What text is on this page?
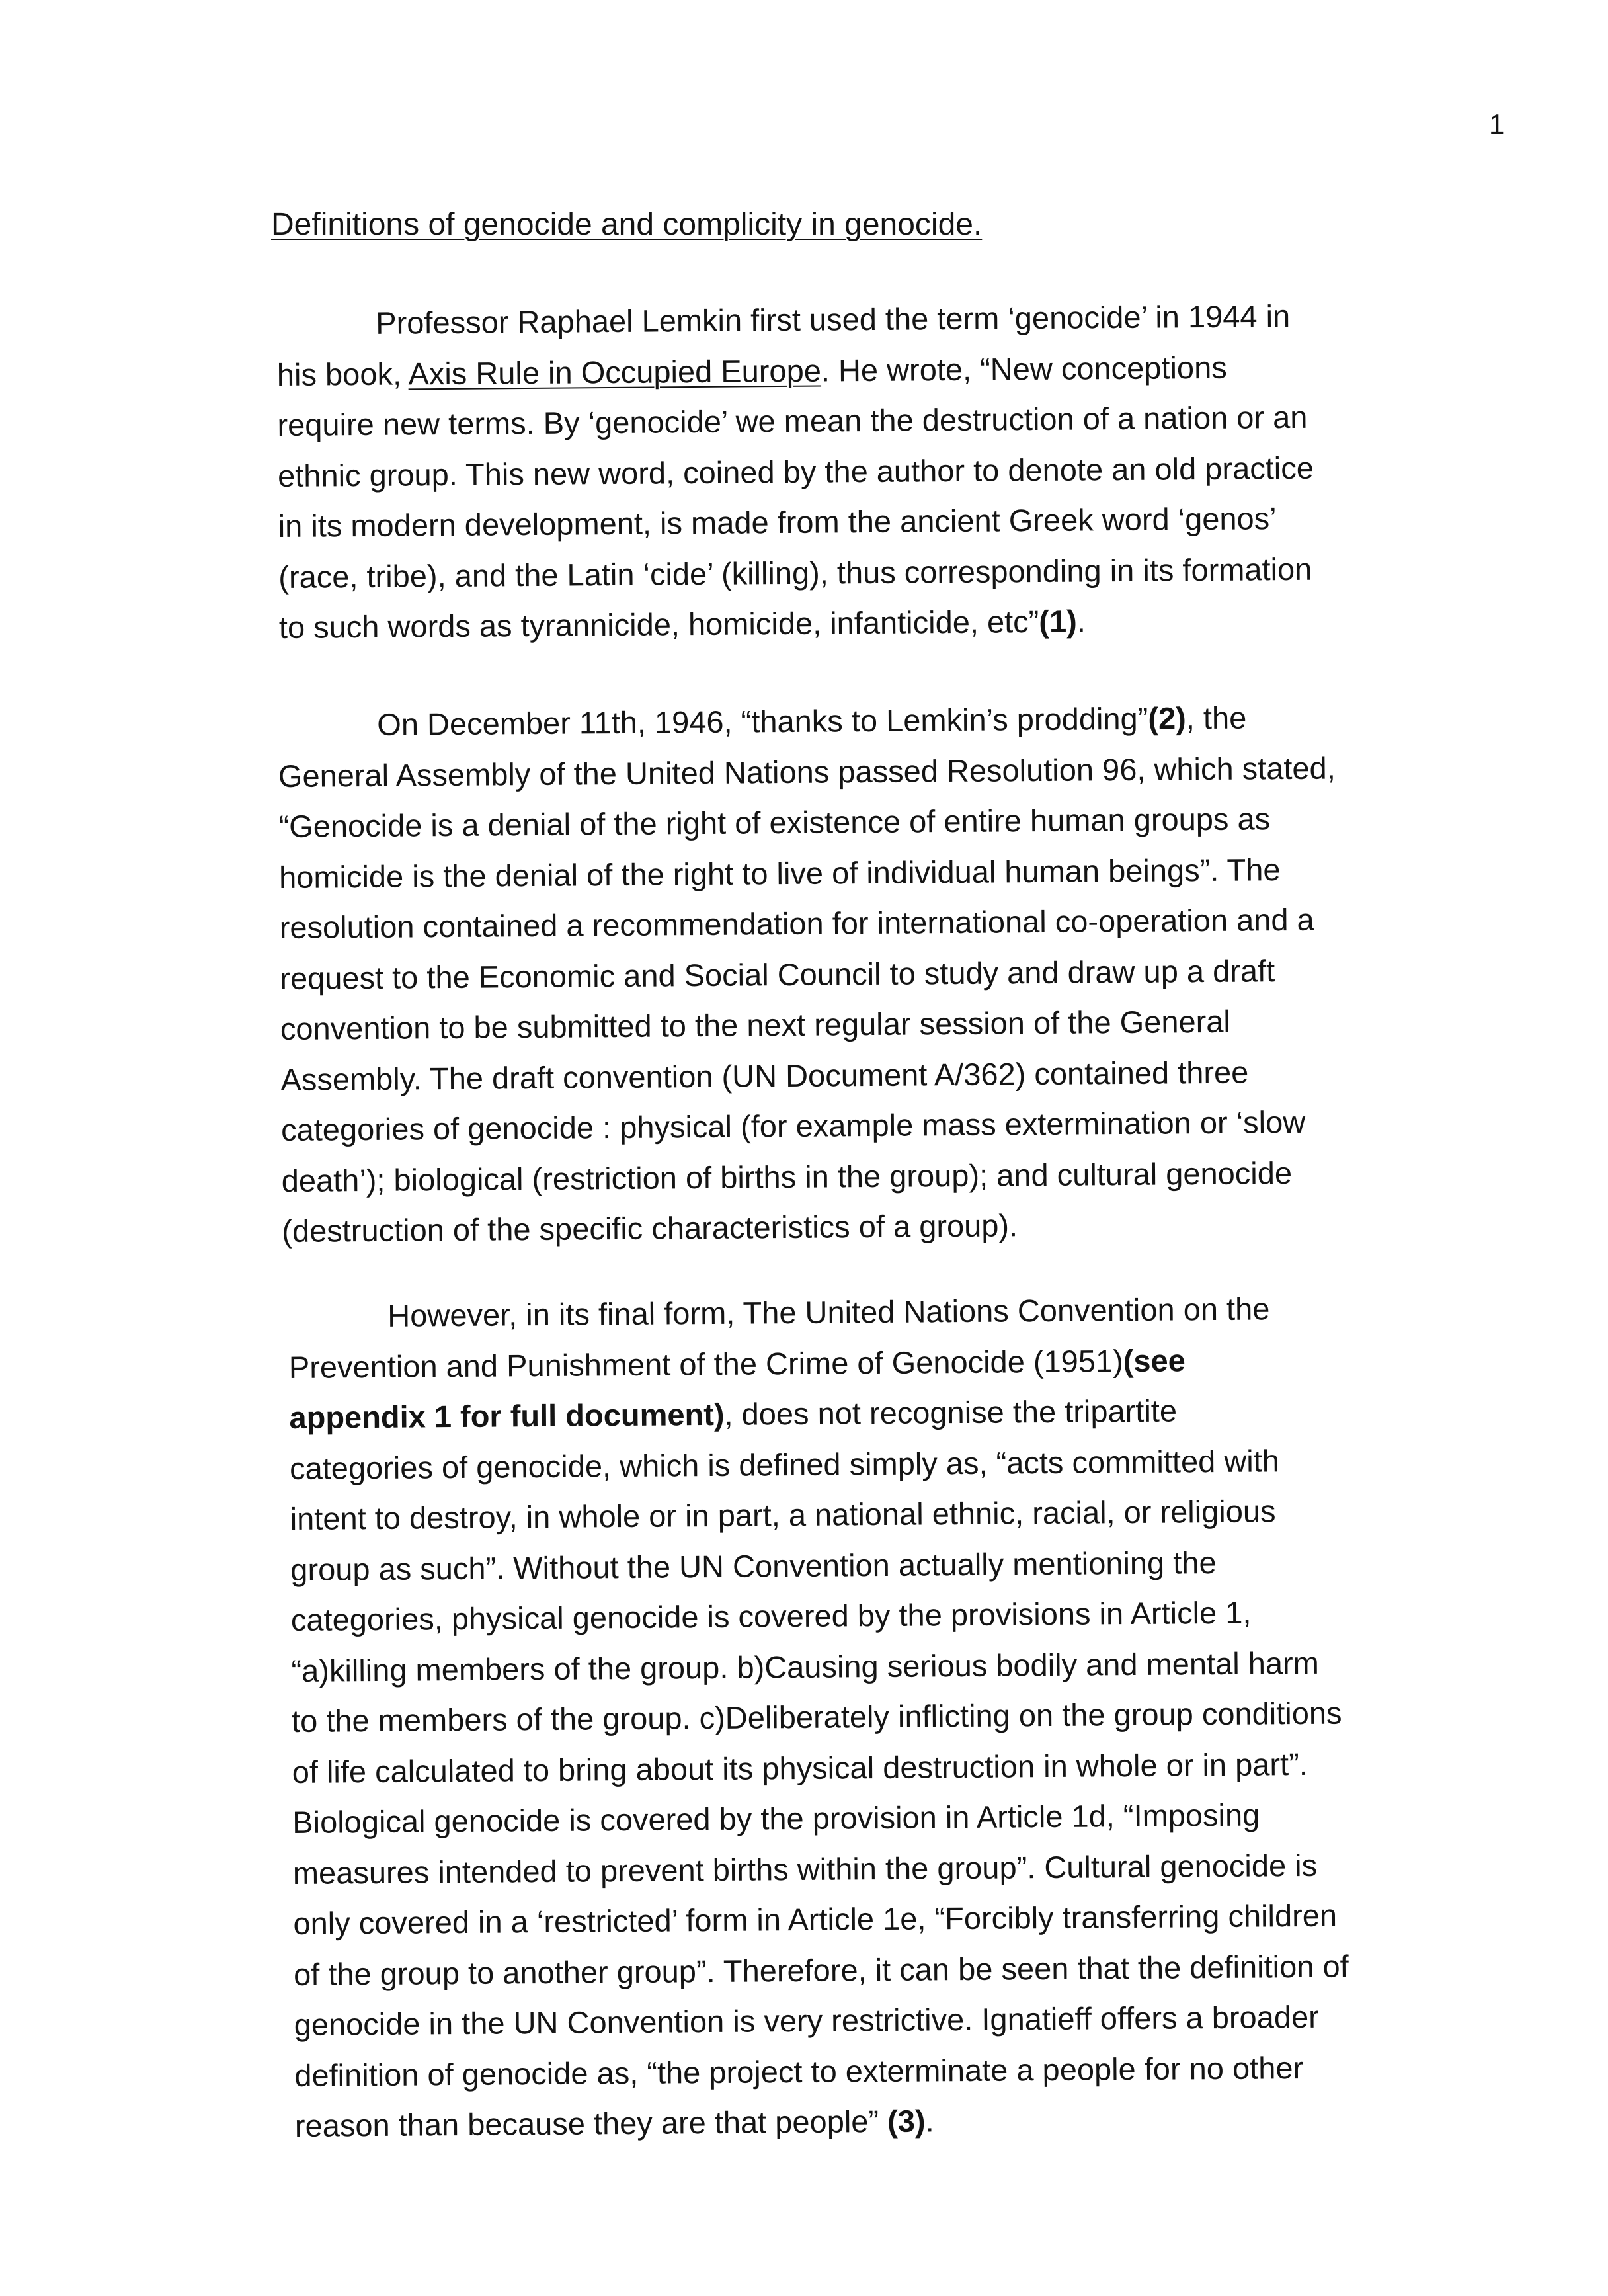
1
Definitions of genocide and complicity in genocide.
Professor Raphael Lemkin first used the term ‘genocide’ in 1944 in
his book, Axis Rule in Occupied Europe. He wrote, “New conceptions
require new terms. By ‘genocide’ we mean the destruction of a nation or an
ethnic group. This new word, coined by the author to denote an old practice
in its modern development, is made from the ancient Greek word ‘genos’
(race, tribe), and the Latin ‘cide’ (killing), thus corresponding in its formation
to such words as tyrannicide, homicide, infanticide, etc”(1).
On December 11th, 1946, “thanks to Lemkin’s prodding”(2), the
General Assembly of the United Nations passed Resolution 96, which stated,
“Genocide is a denial of the right of existence of entire human groups as
homicide is the denial of the right to live of individual human beings”. The
resolution contained a recommendation for international co-operation and a
request to the Economic and Social Council to study and draw up a draft
convention to be submitted to the next regular session of the General
Assembly. The draft convention (UN Document A/362) contained three
categories of genocide : physical (for example mass extermination or ‘slow
death’); biological (restriction of births in the group); and cultural genocide
(destruction of the specific characteristics of a group).
However, in its final form, The United Nations Convention on the
Prevention and Punishment of the Crime of Genocide (1951)(see
appendix 1 for full document), does not recognise the tripartite
categories of genocide, which is defined simply as, “acts committed with
intent to destroy, in whole or in part, a national ethnic, racial, or religious
group as such”. Without the UN Convention actually mentioning the
categories, physical genocide is covered by the provisions in Article 1,
“a)killing members of the group. b)Causing serious bodily and mental harm
to the members of the group. c)Deliberately inflicting on the group conditions
of life calculated to bring about its physical destruction in whole or in part”.
Biological genocide is covered by the provision in Article 1d, “Imposing
measures intended to prevent births within the group”. Cultural genocide is
only covered in a ‘restricted’ form in Article 1e, “Forcibly transferring children
of the group to another group”. Therefore, it can be seen that the definition of
genocide in the UN Convention is very restrictive. Ignatieff offers a broader
definition of genocide as, “the project to exterminate a people for no other
reason than because they are that people” (3).
